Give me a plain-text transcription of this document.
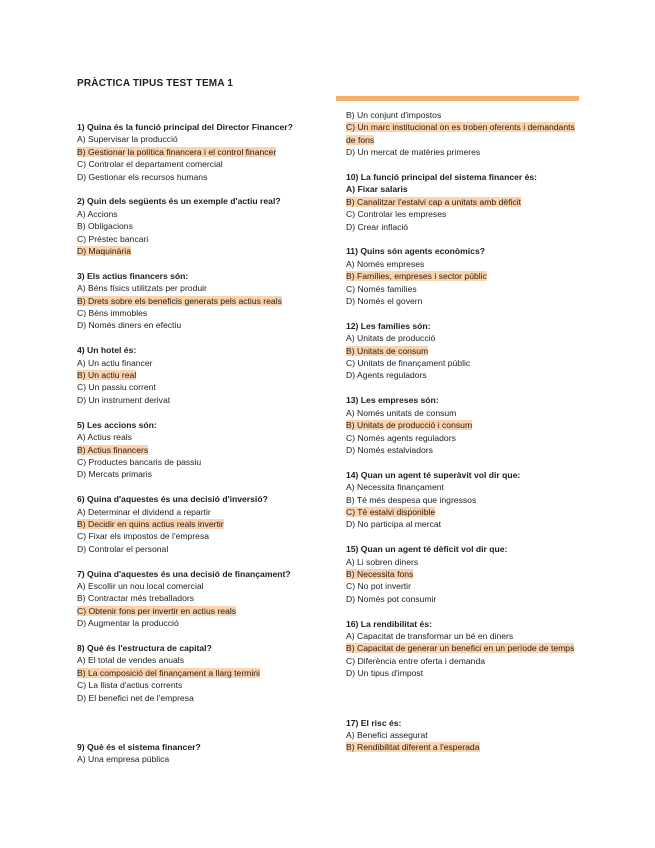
PRÀCTICA TIPUS TEST TEMA 1
1) Quina és la funció principal del Director Financer?
A) Supervisar la producció
B) Gestionar la política financera i el control financer
C) Controlar el departament comercial
D) Gestionar els recursos humans
2) Quin dels següents és un exemple d'actiu real?
A) Accions
B) Obligacions
C) Préstec bancari
D) Maquinària
3) Els actius financers són:
A) Béns físics utilitzats per produir
B) Drets sobre els beneficis generats pels actius reals
C) Béns immobles
D) Només diners en efectiu
4) Un hotel és:
A) Un actiu financer
B) Un actiu real
C) Un passiu corrent
D) Un instrument derivat
5) Les accions són:
A) Actius reals
B) Actius financers
C) Productes bancaris de passiu
D) Mercats primaris
6) Quina d'aquestes és una decisió d'inversió?
A) Determinar el dividend a repartir
B) Decidir en quins actius reals invertir
C) Fixar els impostos de l'empresa
D) Controlar el personal
7) Quina d'aquestes és una decisió de finançament?
A) Escollir un nou local comercial
B) Contractar més treballadors
C) Obtenir fons per invertir en actius reals
D) Augmentar la producció
8) Què és l'estructura de capital?
A) El total de vendes anuals
B) La composició del finançament a llarg termini
C) La llista d'actius corrents
D) El benefici net de l'empresa
9) Què és el sistema financer?
A) Una empresa pública
B) Un conjunt d'impostos
C) Un marc institucional on es troben oferents i demandants de fons
D) Un mercat de matèries primeres
10) La funció principal del sistema financer és:
A) Fixar salaris
B) Canalitzar l'estalvi cap a unitats amb dèficit
C) Controlar les empreses
D) Crear inflació
11) Quins són agents econòmics?
A) Només empreses
B) Famílies, empreses i sector públic
C) Només famílies
D) Només el govern
12) Les famílies són:
A) Unitats de producció
B) Unitats de consum
C) Unitats de finançament públic
D) Agents reguladors
13) Les empreses són:
A) Només unitats de consum
B) Unitats de producció i consum
C) Només agents reguladors
D) Només estalviadors
14) Quan un agent té superàvit vol dir que:
A) Necessita finançament
B) Té més despesa que ingressos
C) Té estalvi disponible
D) No participa al mercat
15) Quan un agent té dèficit vol dir que:
A) Li sobren diners
B) Necessita fons
C) No pot invertir
D) Només pot consumir
16) La rendibilitat és:
A) Capacitat de transformar un bé en diners
B) Capacitat de generar un benefici en un període de temps
C) Diferència entre oferta i demanda
D) Un tipus d'impost
17) El risc és:
A) Benefici assegurat
B) Rendibilitat diferent a l'esperada
